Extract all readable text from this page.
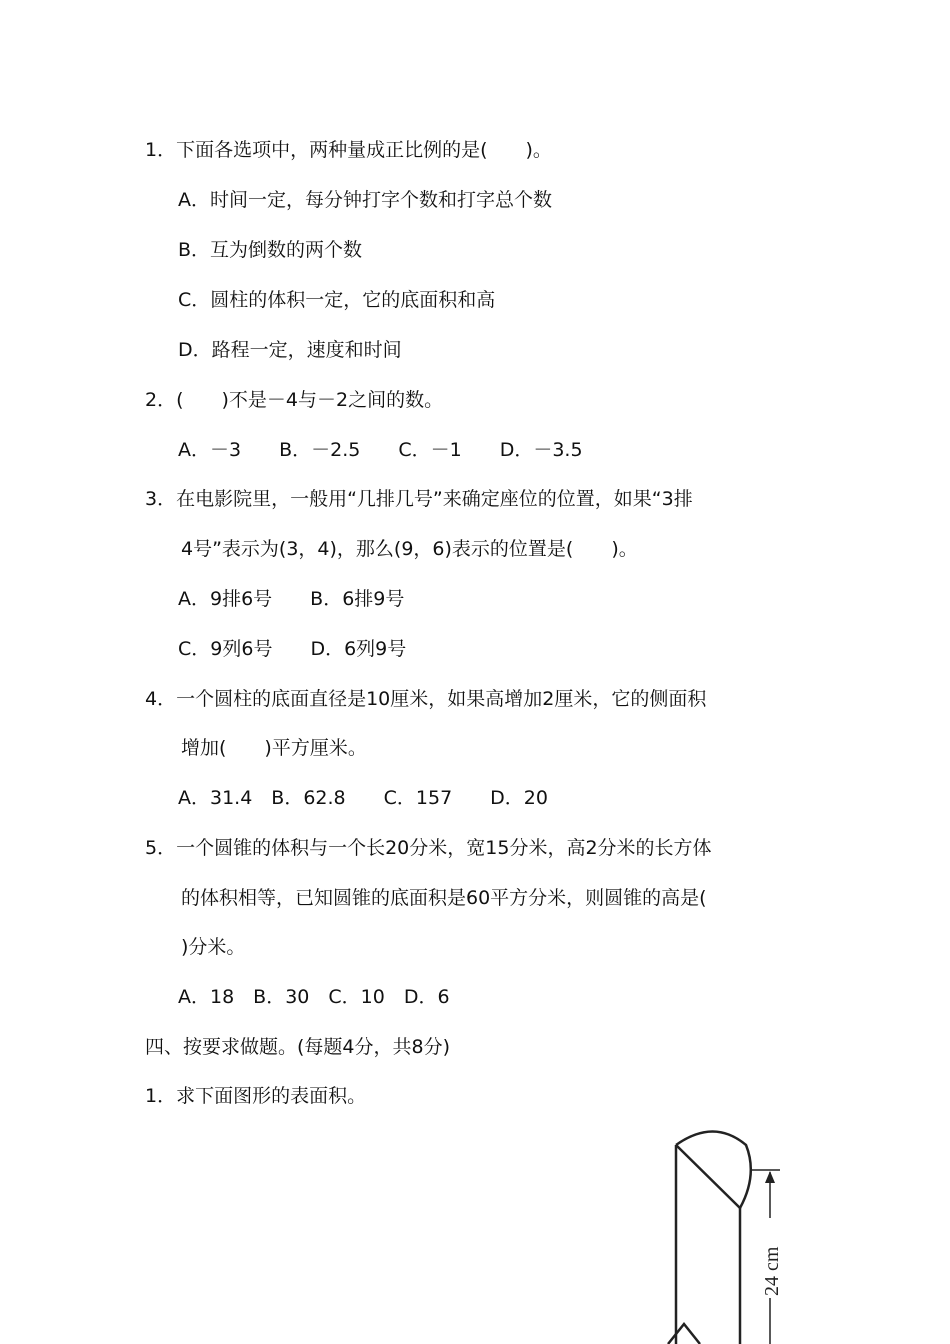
1．下面各选项中，两种量成正比例的是(　　)。
A．时间一定，每分钟打字个数和打字总个数
B．互为倒数的两个数
C．圆柱的体积一定，它的底面积和高
D．路程一定，速度和时间
2．(　　)不是－4与－2之间的数。
A．－3　　B．－2.5　　C．－1　　D．－3.5
3．在电影院里，一般用“几排几号”来确定座位的位置，如果“3排
4号”表示为(3，4)，那么(9，6)表示的位置是(　　)。
A．9排6号　　B．6排9号
C．9列6号　　D．6列9号
4．一个圆柱的底面直径是10厘米，如果高增加2厘米，它的侧面积
增加(　　)平方厘米。
A．31.4　B．62.8　　C．157　　D．20
5．一个圆锥的体积与一个长20分米，宽15分米，高2分米的长方体
的体积相等，已知圆锥的底面积是60平方分米，则圆锥的高是(
)分米。
A．18　B．30　C．10　D．6
四、按要求做题。(每题4分，共8分)
1．求下面图形的表面积。
24 cm
